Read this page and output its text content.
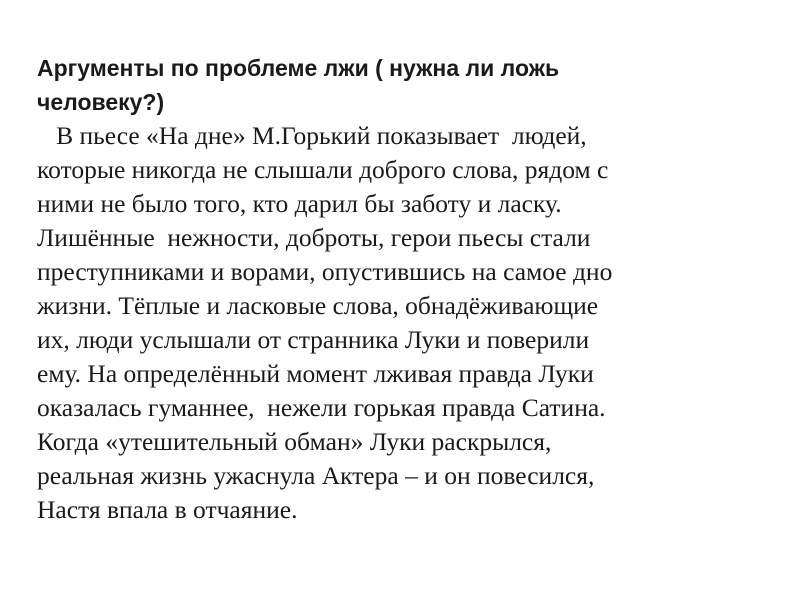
Аргументы по проблеме лжи ( нужна ли ложь
человеку?)

В пьесе «На дне» М.Горький показывает  людей,
которые никогда не слышали доброго слова, рядом с
ними не было того, кто дарил бы заботу и ласку.
Лишённые  нежности, доброты, герои пьесы стали
преступниками и ворами, опустившись на самое дно
жизни. Тёплые и ласковые слова, обнадёживающие
их, люди услышали от странника Луки и поверили
ему. На определённый момент лживая правда Луки
оказалась гуманнее,  нежели горькая правда Сатина.
Когда «утешительный обман» Луки раскрылся,
реальная жизнь ужаснула Актера – и он повесился,
Настя впала в отчаяние.
